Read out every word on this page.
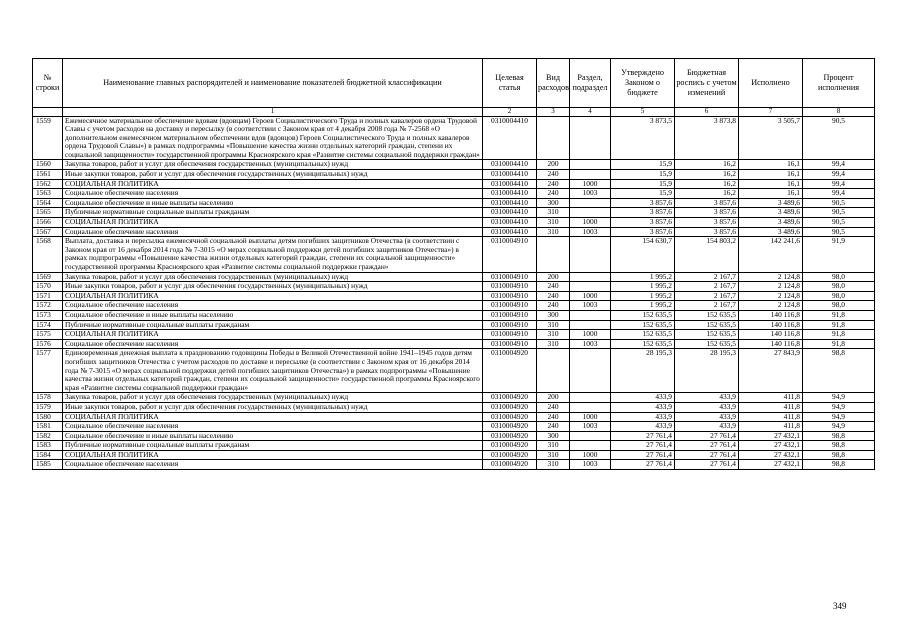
№ строки	Наименование главных распорядителей и наименование показателей бюджетной классификации	Целевая статья	Вид расходов	Раздел, подраздел	Утверждено Законом о бюджете	Бюджетная роспись с учетом изменений	Исполнено	Процент исполнения
	1	2	3	4	5	6	7	8
1559	Ежемесячное материальное обеспечение вдовам (вдовцам) Героев Социалистического Труда и полных кавалеров ордена Трудовой Славы с учетом расходов на доставку и пересылку (в соответствии с Законом края от 4 декабря 2008 года № 7-2568 «О дополнительном ежемесячном материальном обеспечении вдов (вдовцов) Героев Социалистического Труда и полных кавалеров ордена Трудовой Славы») в рамках подпрограммы «Повышение качества жизни отдельных категорий граждан, степени их социальной защищенности» государственной программы Красноярского края «Развитие системы социальной поддержки граждан»	0310004410			3 873,5	3 873,8	3 505,7	90,5
1560	Закупка товаров, работ и услуг для обеспечения государственных (муниципальных) нужд	0310004410	200		15,9	16,2	16,1	99,4
1561	Иные закупки товаров, работ и услуг для обеспечения государственных (муниципальных) нужд	0310004410	240		15,9	16,2	16,1	99,4
1562	СОЦИАЛЬНАЯ ПОЛИТИКА	0310004410	240	1000	15,9	16,2	16,1	99,4
1563	Социальное обеспечение населения	0310004410	240	1003	15,9	16,2	16,1	99,4
1564	Социальное обеспечение и иные выплаты населению	0310004410	300		3 857,6	3 857,6	3 489,6	90,5
1565	Публичные нормативные социальные выплаты гражданам	0310004410	310		3 857,6	3 857,6	3 489,6	90,5
1566	СОЦИАЛЬНАЯ ПОЛИТИКА	0310004410	310	1000	3 857,6	3 857,6	3 489,6	90,5
1567	Социальное обеспечение населения	0310004410	310	1003	3 857,6	3 857,6	3 489,6	90,5
1568	Выплата, доставка и пересылка ежемесячной социальной выплаты детям погибших защитников Отечества (в соответствии с Законом края от 16 декабря 2014 года № 7-3015 «О мерах социальной поддержки детей погибших защитников Отечества») в рамках подпрограммы «Повышение качества жизни отдельных категорий граждан, степени их социальной защищенности» государственной программы Красноярского края «Развитие системы социальной поддержки граждан»	0310004910			154 630,7	154 803,2	142 241,6	91,9
1569	Закупка товаров, работ и услуг для обеспечения государственных (муниципальных) нужд	0310004910	200		1 995,2	2 167,7	2 124,8	98,0
1570	Иные закупки товаров, работ и услуг для обеспечения государственных (муниципальных) нужд	0310004910	240		1 995,2	2 167,7	2 124,8	98,0
1571	СОЦИАЛЬНАЯ ПОЛИТИКА	0310004910	240	1000	1 995,2	2 167,7	2 124,8	98,0
1572	Социальное обеспечение населения	0310004910	240	1003	1 995,2	2 167,7	2 124,8	98,0
1573	Социальное обеспечение и иные выплаты населению	0310004910	300		152 635,5	152 635,5	140 116,8	91,8
1574	Публичные нормативные социальные выплаты гражданам	0310004910	310		152 635,5	152 635,5	140 116,8	91,8
1575	СОЦИАЛЬНАЯ ПОЛИТИКА	0310004910	310	1000	152 635,5	152 635,5	140 116,8	91,8
1576	Социальное обеспечение населения	0310004910	310	1003	152 635,5	152 635,5	140 116,8	91,8
1577	Единовременная денежная выплата к празднованию годовщины Победы в Великой Отечественной войне 1941–1945 годов детям погибших защитников Отечества с учетом расходов по доставке и пересылке (в соответствии с Законом края от 16 декабря 2014 года № 7-3015 «О мерах социальной поддержки детей погибших защитников Отечества») в рамках подпрограммы «Повышение качества жизни отдельных категорий граждан, степени их социальной защищенности» государственной программы Красноярского края «Развитие системы социальной поддержки граждан»	0310004920			28 195,3	28 195,3	27 843,9	98,8
1578	Закупка товаров, работ и услуг для обеспечения государственных (муниципальных) нужд	0310004920	200		433,9	433,9	411,8	94,9
1579	Иные закупки товаров, работ и услуг для обеспечения государственных (муниципальных) нужд	0310004920	240		433,9	433,9	411,8	94,9
1580	СОЦИАЛЬНАЯ ПОЛИТИКА	0310004920	240	1000	433,9	433,9	411,8	94,9
1581	Социальное обеспечение населения	0310004920	240	1003	433,9	433,9	411,8	94,9
1582	Социальное обеспечение и иные выплаты населению	0310004920	300		27 761,4	27 761,4	27 432,1	98,8
1583	Публичные нормативные социальные выплаты гражданам	0310004920	310		27 761,4	27 761,4	27 432,1	98,8
1584	СОЦИАЛЬНАЯ ПОЛИТИКА	0310004920	310	1000	27 761,4	27 761,4	27 432,1	98,8
1585	Социальное обеспечение населения	0310004920	310	1003	27 761,4	27 761,4	27 432,1	98,8
349
